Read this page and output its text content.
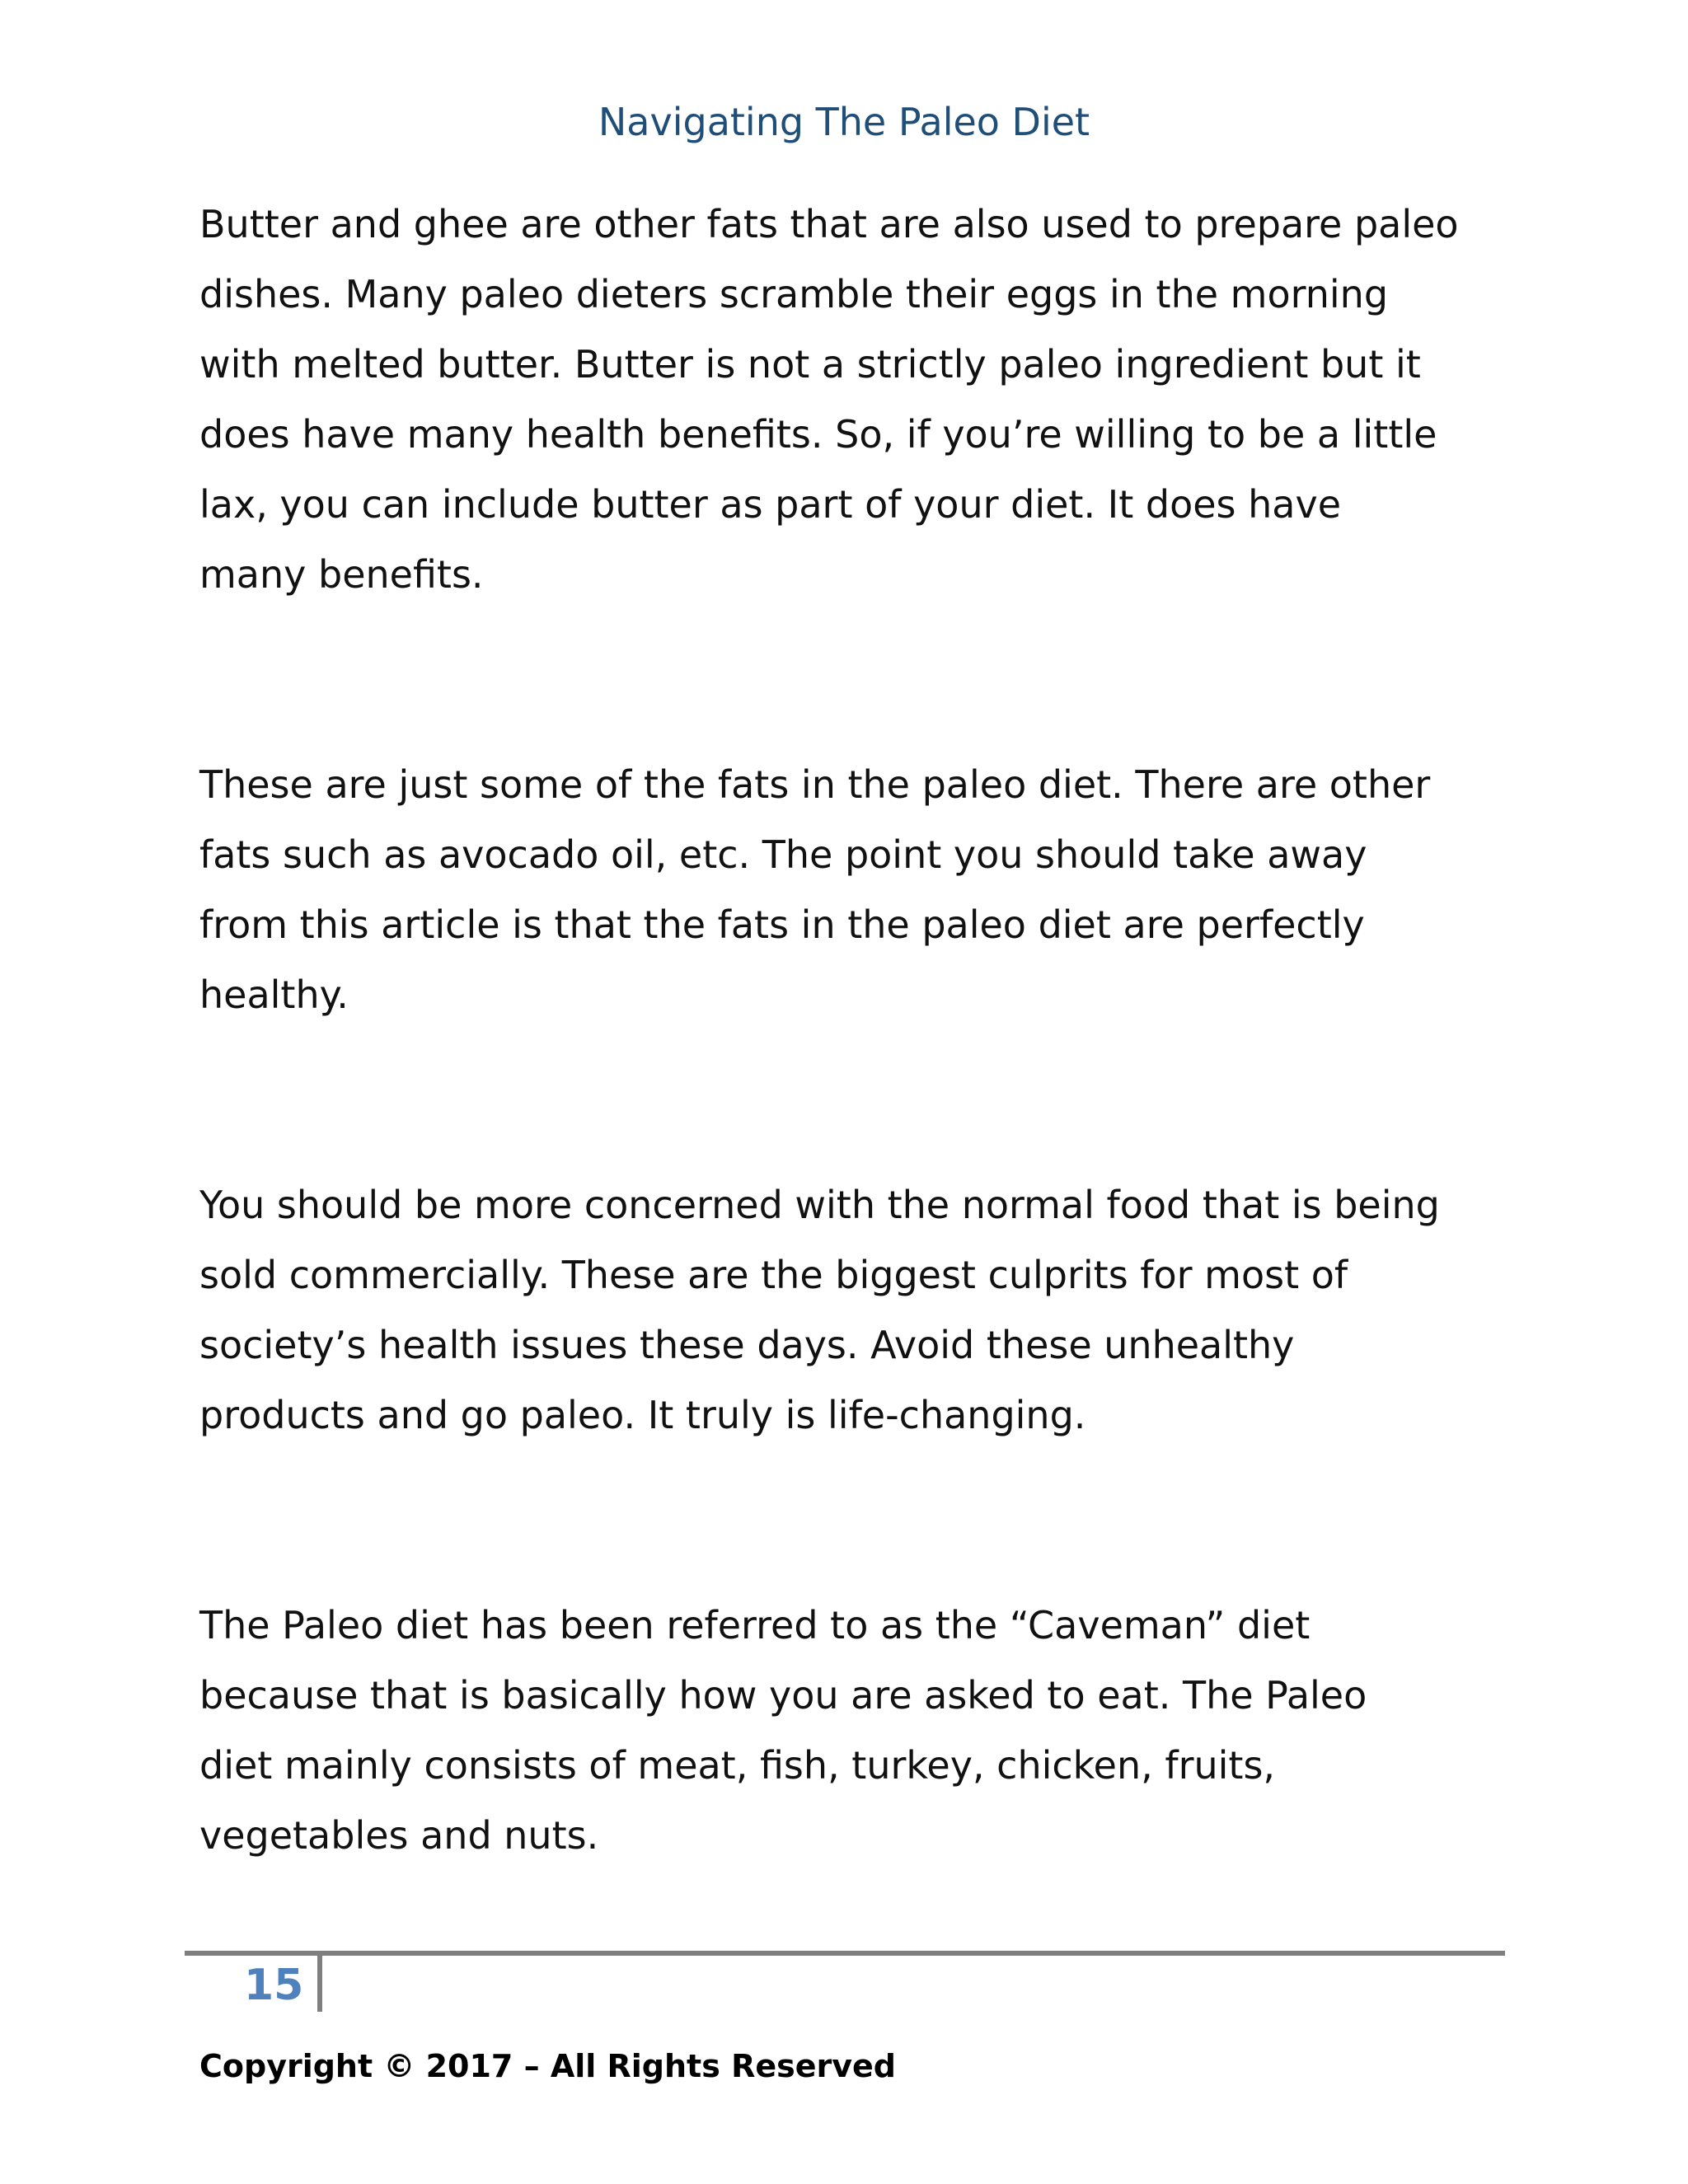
Navigating The Paleo Diet

Butter and ghee are other fats that are also used to prepare paleo
dishes. Many paleo dieters scramble their eggs in the morning
with melted butter. Butter is not a strictly paleo ingredient but it
does have many health benefits. So, if you’re willing to be a little
lax, you can include butter as part of your diet. It does have
many benefits.

These are just some of the fats in the paleo diet. There are other
fats such as avocado oil, etc. The point you should take away
from this article is that the fats in the paleo diet are perfectly
healthy.

You should be more concerned with the normal food that is being
sold commercially. These are the biggest culprits for most of
society’s health issues these days. Avoid these unhealthy
products and go paleo. It truly is life-changing.

The Paleo diet has been referred to as the “Caveman” diet
because that is basically how you are asked to eat. The Paleo
diet mainly consists of meat, fish, turkey, chicken, fruits,
vegetables and nuts.

15
Copyright © 2017 – All Rights Reserved
